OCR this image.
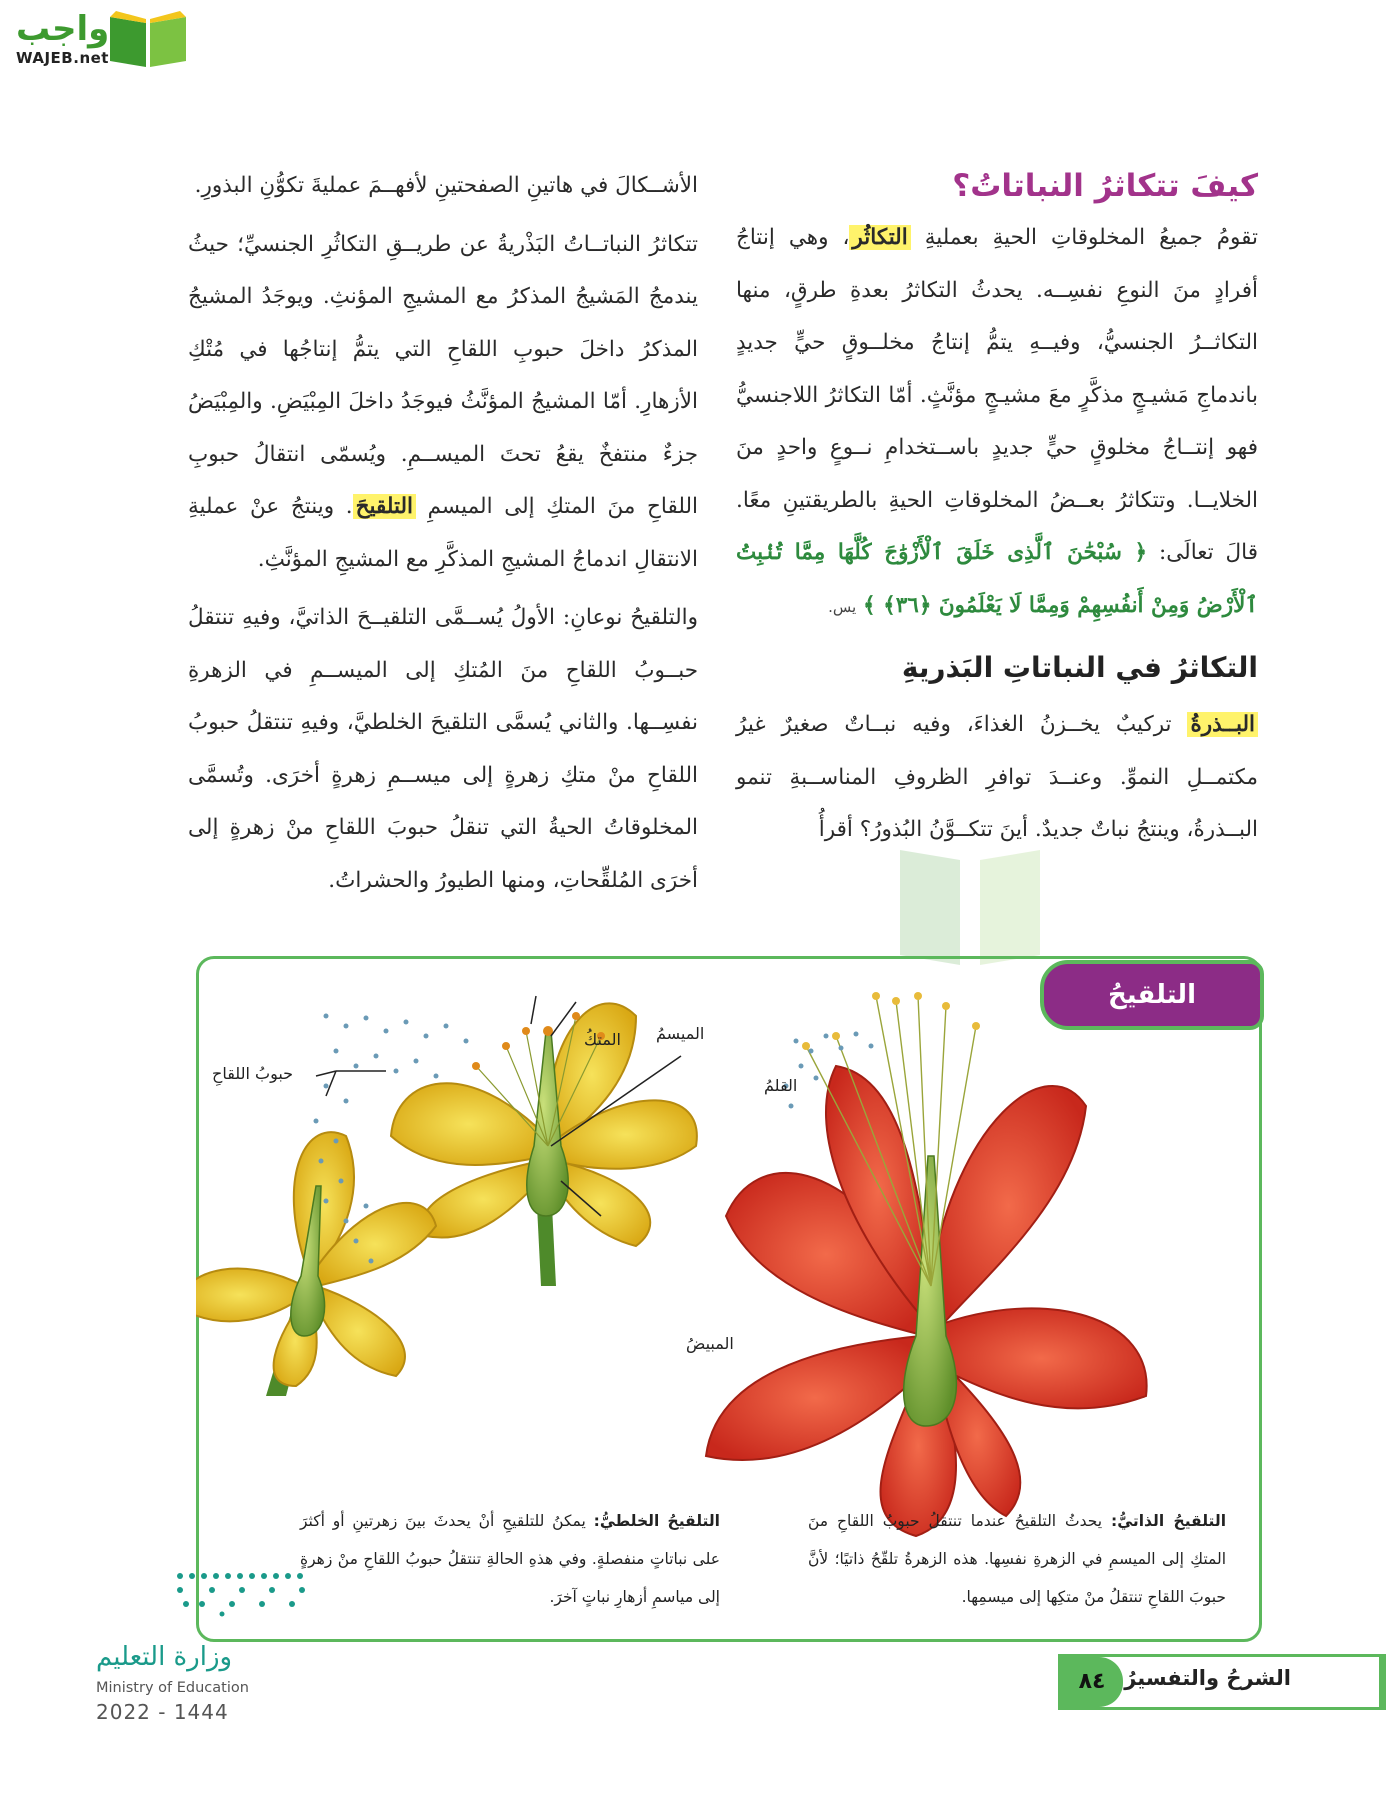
واجب
WAJEB.net
كيفَ تتكاثرُ النباتاتُ؟

تقومُ جميعُ المخلوقاتِ الحيةِ بعمليةِ التكاثُر، وهي إنتاجُ أفرادٍ منَ النوعِ نفسِــه. يحدثُ التكاثرُ بعدةِ طرقٍ، منها التكاثــرُ الجنسيُّ، وفيــهِ يتمُّ إنتاجُ مخلــوقٍ حيٍّ جديدٍ باندماجِ مَشيـجٍ مذكَّرٍ معَ مشيـجٍ مؤنَّثٍ. أمّا التكاثرُ اللاجنسيُّ فهو إنتــاجُ مخلوقٍ حيٍّ جديدٍ باســتخدامِ نــوعٍ واحدٍ منَ الخلايــا. وتتكاثرُ بعــضُ المخلوقاتِ الحيةِ بالطريقتينِ معًا. قالَ تعالَى: ﴿ سُبْحَٰنَ ٱلَّذِى خَلَقَ ٱلْأَزْوَٰجَ كُلَّهَا مِمَّا تُنۢبِتُ ٱلْأَرْضُ وَمِنْ أَنفُسِهِمْ وَمِمَّا لَا يَعْلَمُونَ ﴿٣٦﴾ ﴾ يس.

التكاثرُ في النباتاتِ البَذريةِ

البــذرةُ تركيبٌ يخــزنُ الغذاءَ، وفيه نبــاتٌ صغيرٌ غيرُ مكتمــلِ النموِّ. وعنــدَ توافرِ الظروفِ المناســبةِ تنمو البــذرةُ، وينتجُ نباتٌ جديدٌ. أينَ تتكــوَّنُ البُذورُ؟ أقرأُ

الأشــكالَ في هاتينِ الصفحتينِ لأفهــمَ عمليةَ تكوُّنِ البذورِ.

تتكاثرُ النباتــاتُ البَذْريةُ عن طريــقِ التكاثُرِ الجنسيِّ؛ حيثُ يندمجُ المَشيجُ المذكرُ مع المشيجِ المؤنثِ. ويوجَدُ المشيجُ المذكرُ داخلَ حبوبِ اللقاحِ التي يتمُّ إنتاجُها في مُتْكِ الأزهارِ. أمّا المشيجُ المؤنَّثُ فيوجَدُ داخلَ المِبْيَضِ. والمِبْيَضُ جزءٌ منتفخٌ يقعُ تحتَ الميســمِ. ويُسمّى انتقالُ حبوبِ اللقاحِ منَ المتكِ إلى الميسمِ التلقيحَ. وينتجُ عنْ عمليةِ الانتقالِ اندماجُ المشيجِ المذكَّرِ مع المشيجِ المؤنَّثِ.

والتلقيحُ نوعانِ: الأولُ يُســمَّى التلقيــحَ الذاتيَّ، وفيهِ تنتقلُ حبــوبُ اللقاحِ منَ المُتكِ إلى الميســمِ في الزهرةِ نفسِــها. والثاني يُسمَّى التلقيحَ الخلطيَّ، وفيهِ تنتقلُ حبوبُ اللقاحِ منْ متكِ زهرةٍ إلى ميســمِ زهرةٍ أخرَى. وتُسمَّى المخلوقاتُ الحيةُ التي تنقلُ حبوبَ اللقاحِ منْ زهرةٍ إلى أخرَى المُلقِّحاتِ، ومنها الطيورُ والحشراتُ.

التلقيحُ
حبوبُ اللقاحِ
المتكُ الميسمُ
القلمُ
المبيضُ
التلقيحُ الذاتيُّ: يحدثُ التلقيحُ عندما تنتقلُ حبوبُ اللقاحِ منَ المتكِ إلى الميسمِ في الزهرةِ نفسِها. هذه الزهرةُ تلقّحُ ذاتيًا؛ لأنَّ حبوبَ اللقاحِ تنتقلُ منْ متكِها إلى ميسمِها.
التلقيحُ الخلطيُّ: يمكنُ للتلقيحِ أنْ يحدثَ بينَ زهرتينِ أو أكثرَ على نباتاتٍ منفصلةٍ. وفي هذهِ الحالةِ تنتقلُ حبوبُ اللقاحِ منْ زهرةٍ إلى مياسمِ أزهارِ نباتٍ آخرَ.
وزارة التعليم
Ministry of Education
2022 - 1444
الشرحُ والتفسيرُ
٨٤
